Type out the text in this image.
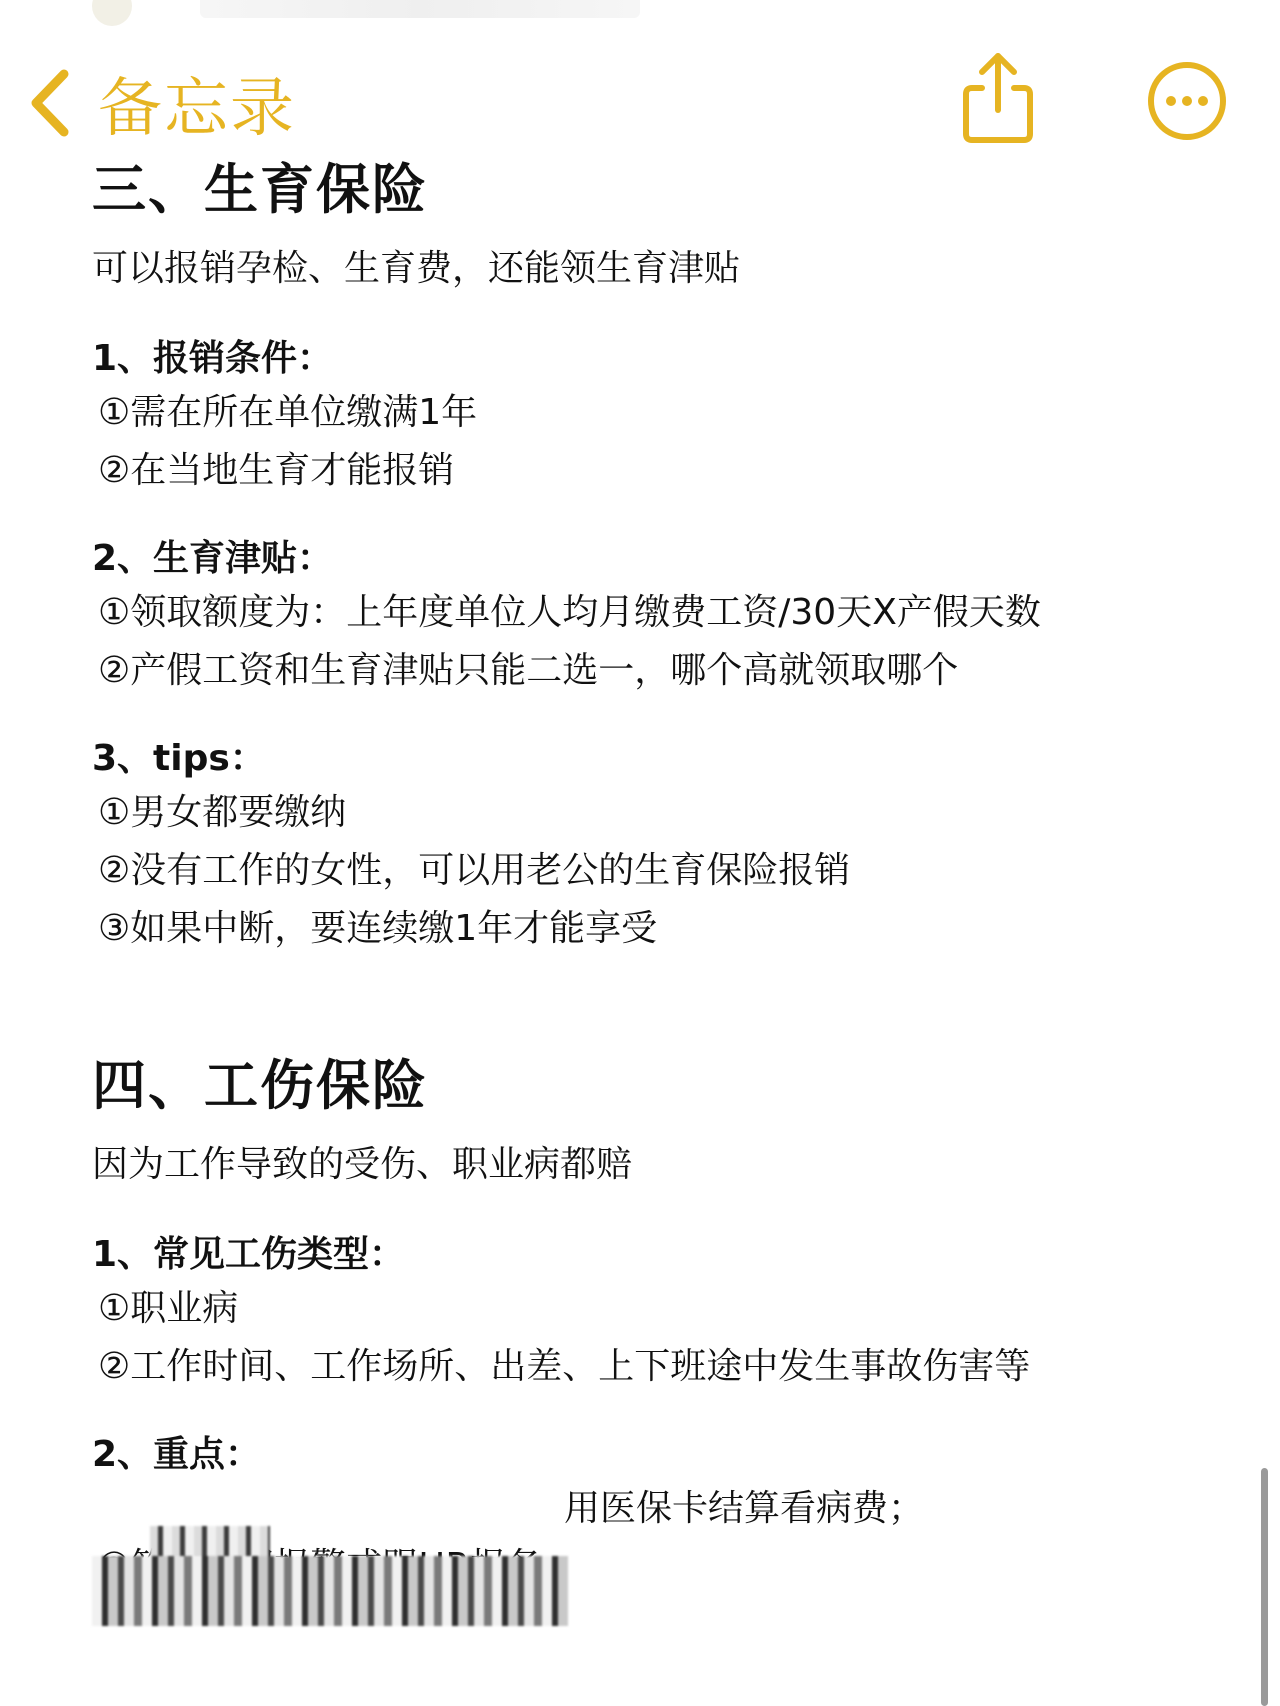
备忘录
三、生育保险
可以报销孕检、生育费，还能领生育津贴
1、报销条件：
①需在所在单位缴满1年
②在当地生育才能报销
2、生育津贴：
①领取额度为：上年度单位人均月缴费工资/30天X产假天数
②产假工资和生育津贴只能二选一，哪个高就领取哪个
3、tips：
①男女都要缴纳
②没有工作的女性，可以用老公的生育保险报销
③如果中断，要连续缴1年才能享受
四、工伤保险
因为工作导致的受伤、职业病都赔
1、常见工伤类型：
①职业病
②工作时间、工作场所、出差、上下班途中发生事故伤害等
2、重点：
用医保卡结算看病费；
